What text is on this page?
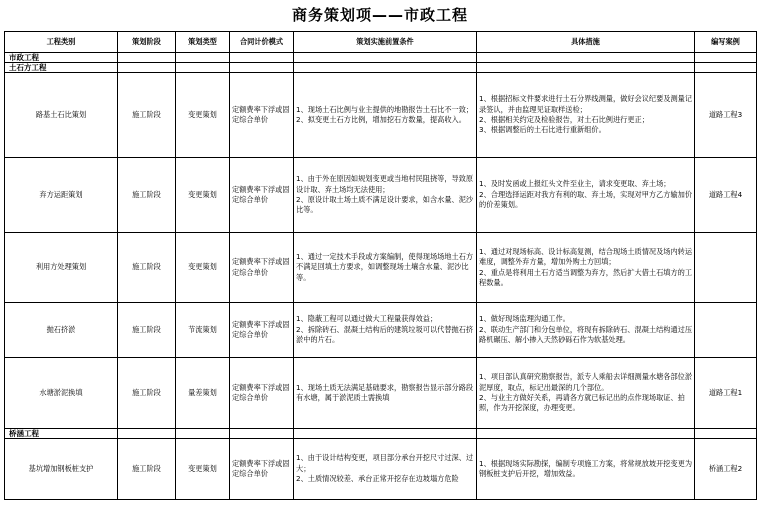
商务策划项——市政工程
工程类别	策划阶段	策划类型	合同计价模式	策划实施前置条件	具体措施	编写案例
市政工程						
土石方工程						
路基土石比策划	施工阶段	变更策划	定额费率下浮或固定综合单价	1、现场土石比例与业主提供的地勘报告土石比不一致；
2、拟变更土石方比例，增加挖石方数量，提高收入。	1、根据招标文件要求进行土石分界线测量，做好会议纪要及测量记录签认，并由监理见证取样送检；
2、根据相关约定及检验报告，对土石比例进行更正；
3、根据调整后的土石比进行重新组价。	道路工程3
弃方运距策划	施工阶段	变更策划	定额费率下浮或固定综合单价	1、由于外在原因如规划变更或当地村民阻挠等，导致原设计取、弃土场均无法使用；
2、原设计取土场土质不满足设计要求，如含水量、泥沙比等。	1、及时发函或上报红头文件至业主，请求变更取、弃土场；
2、合理选择运距对我方有利的取、弃土场，实现对甲方乙方输加价的价差策划。	道路工程4
利用方处理策划	施工阶段	变更策划	定额费率下浮或固定综合单价	1、通过一定技术手段或方案编制，使得现场场地土石方不满足回填土方要求，如调整现场土壤含水量、泥沙比等。	1、通过对现场标高、设计标高复测，结合现场土质情况及场内转运难度，调整外弃方量，增加外购土方回填；
2、重点是将利用土石方适当调整为弃方，然后扩大借土石填方的工程数量。	
抛石挤淤	施工阶段	节流策划	定额费率下浮或固定综合单价	1、隐蔽工程可以通过做大工程量获得效益；
2、拆除砖石、混凝土结构后的建筑垃圾可以代替抛石挤淤中的片石。	1、做好现场监理沟通工作。
2、联动生产部门和分包单位，将现有拆除砖石、混凝土结构通过压路机碾压、解小掺入天然砂砾石作为软基处理。	
水塘淤泥换填	施工阶段	量差策划	定额费率下浮或固定综合单价	1、现场土质无法满足基础要求，勘察报告显示部分路段有水塘，属于淤泥质土需换填	1、项目部认真研究勘察报告，派专人乘船去详细测量水塘各部位淤泥厚度，取点，标记出最深的几个部位。
2、与业主方做好关系，再请各方就已标记出的点作现场取证、拍照，作为开挖深度，办理变更。	道路工程1
桥涵工程						
基坑增加钢板桩支护	施工阶段	变更策划	定额费率下浮或固定综合单价	1、由于设计结构变更，项目部分承台开挖尺寸过深、过大；
2、土质情况较差、承台正常开挖存在边坡塌方危险	1、根据现场实际勘探，编制专项施工方案，将常规放坡开挖变更为钢板桩支护后开挖，增加效益。	桥涵工程2
